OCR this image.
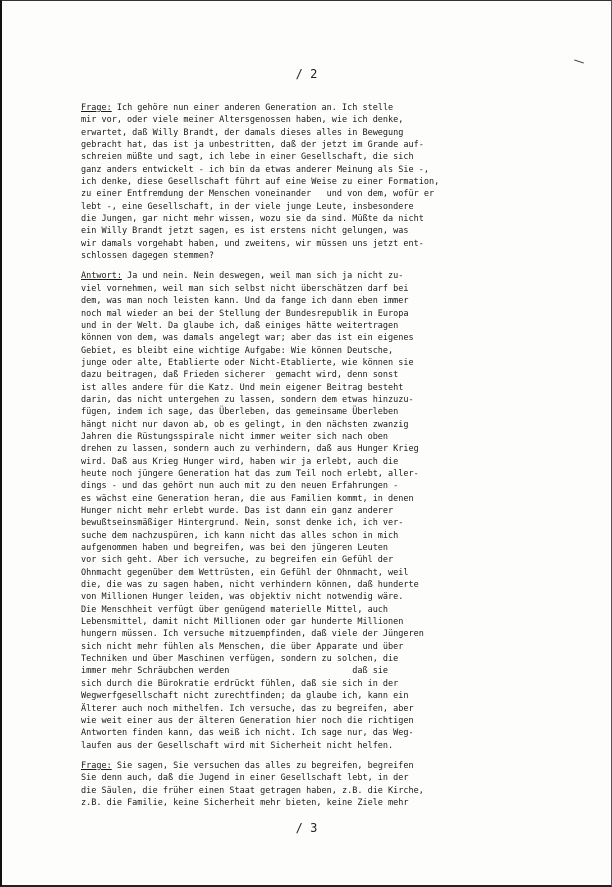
/ 2
Frage: Ich gehöre nun einer anderen Generation an. Ich stelle
mir vor, oder viele meiner Altersgenossen haben, wie ich denke,
erwartet, daß Willy Brandt, der damals dieses alles in Bewegung
gebracht hat, das ist ja unbestritten, daß der jetzt im Grande auf-
schreien müßte und sagt, ich lebe in einer Gesellschaft, die sich
ganz anders entwickelt - ich bin da etwas anderer Meinung als Sie -,
ich denke, diese Gesellschaft führt auf eine Weise zu einer Formation,
zu einer Entfremdung der Menschen voneinander   und von dem, wofür er
lebt -, eine Gesellschaft, in der viele junge Leute, insbesondere
die Jungen, gar nicht mehr wissen, wozu sie da sind. Müßte da nicht
ein Willy Brandt jetzt sagen, es ist erstens nicht gelungen, was
wir damals vorgehabt haben, und zweitens, wir müssen uns jetzt ent-
schlossen dagegen stemmen?
Antwort: Ja und nein. Nein deswegen, weil man sich ja nicht zu-
viel vornehmen, weil man sich selbst nicht überschätzen darf bei
dem, was man noch leisten kann. Und da fange ich dann eben immer
noch mal wieder an bei der Stellung der Bundesrepublik in Europa
und in der Welt. Da glaube ich, daß einiges hätte weitertragen
können von dem, was damals angelegt war; aber das ist ein eigenes
Gebiet, es bleibt eine wichtige Aufgabe: Wie können Deutsche,
junge oder alte, Etablierte oder Nicht-Etablierte, wie können sie
dazu beitragen, daß Frieden sicherer  gemacht wird, denn sonst
ist alles andere für die Katz. Und mein eigener Beitrag besteht
darin, das nicht untergehen zu lassen, sondern dem etwas hinzuzu-
fügen, indem ich sage, das Überleben, das gemeinsame Überleben
hängt nicht nur davon ab, ob es gelingt, in den nächsten zwanzig
Jahren die Rüstungsspirale nicht immer weiter sich nach oben
drehen zu lassen, sondern auch zu verhindern, daß aus Hunger Krieg
wird. Daß aus Krieg Hunger wird, haben wir ja erlebt, auch die
heute noch jüngere Generation hat das zum Teil noch erlebt, aller-
dings - und das gehört nun auch mit zu den neuen Erfahrungen -
es wächst eine Generation heran, die aus Familien kommt, in denen
Hunger nicht mehr erlebt wurde. Das ist dann ein ganz anderer
bewußtseinsmäßiger Hintergrund. Nein, sonst denke ich, ich ver-
suche dem nachzuspüren, ich kann nicht das alles schon in mich
aufgenommen haben und begreifen, was bei den jüngeren Leuten
vor sich geht. Aber ich versuche, zu begreifen ein Gefühl der
Ohnmacht gegenüber dem Wettrüsten, ein Gefühl der Ohnmacht, weil
die, die was zu sagen haben, nicht verhindern können, daß hunderte
von Millionen Hunger leiden, was objektiv nicht notwendig wäre.
Die Menschheit verfügt über genügend materielle Mittel, auch
Lebensmittel, damit nicht Millionen oder gar hunderte Millionen
hungern müssen. Ich versuche mitzuempfinden, daß viele der Jüngeren
sich nicht mehr fühlen als Menschen, die über Apparate und über
Techniken und über Maschinen verfügen, sondern zu solchen, die
immer mehr Schräubchen werden                        daß sie
sich durch die Bürokratie erdrückt fühlen, daß sie sich in der
Wegwerfgesellschaft nicht zurechtfinden; da glaube ich, kann ein
Älterer auch noch mithelfen. Ich versuche, das zu begreifen, aber
wie weit einer aus der älteren Generation hier noch die richtigen
Antworten finden kann, das weiß ich nicht. Ich sage nur, das Weg-
laufen aus der Gesellschaft wird mit Sicherheit nicht helfen.
Frage: Sie sagen, Sie versuchen das alles zu begreifen, begreifen
Sie denn auch, daß die Jugend in einer Gesellschaft lebt, in der
die Säulen, die früher einen Staat getragen haben, z.B. die Kirche,
z.B. die Familie, keine Sicherheit mehr bieten, keine Ziele mehr
/ 3
